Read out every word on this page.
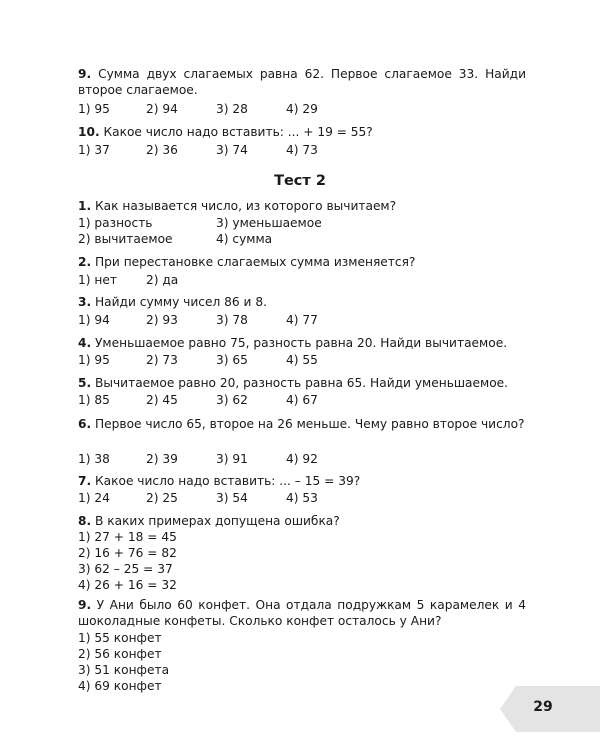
9. Сумма двух слагаемых равна 62. Первое слагаемое 33. Найди второе слагаемое.
1) 95	2) 94	3) 28	4) 29
10. Какое число надо вставить: ... + 19 = 55?
1) 37	2) 36	3) 74	4) 73
Тест 2
1. Как называется число, из которого вычитаем?
1) разность	3) уменьшаемое
2) вычитаемое	4) сумма
2. При перестановке слагаемых сумма изменяется?
1) нет 2) да
3. Найди сумму чисел 86 и 8.
1) 94	2) 93	3) 78	4) 77
4. Уменьшаемое равно 75, разность равна 20. Найди вычитаемое.
1) 95	2) 73	3) 65	4) 55
5. Вычитаемое равно 20, разность равна 65. Найди уменьшаемое.
1) 85	2) 45	3) 62	4) 67
6. Первое число 65, второе на 26 меньше. Чему равно второе число?
1) 38	2) 39	3) 91	4) 92
7. Какое число надо вставить: ... – 15 = 39?
1) 24	2) 25	3) 54	4) 53
8. В каких примерах допущена ошибка?
1) 27 + 18 = 45
2) 16 + 76 = 82
3) 62 – 25 = 37
4) 26 + 16 = 32
9. У Ани было 60 конфет. Она отдала подружкам 5 карамелек и 4 шоколадные конфеты. Сколько конфет осталось у Ани?
1) 55 конфет
2) 56 конфет
3) 51 конфета
4) 69 конфет
29
